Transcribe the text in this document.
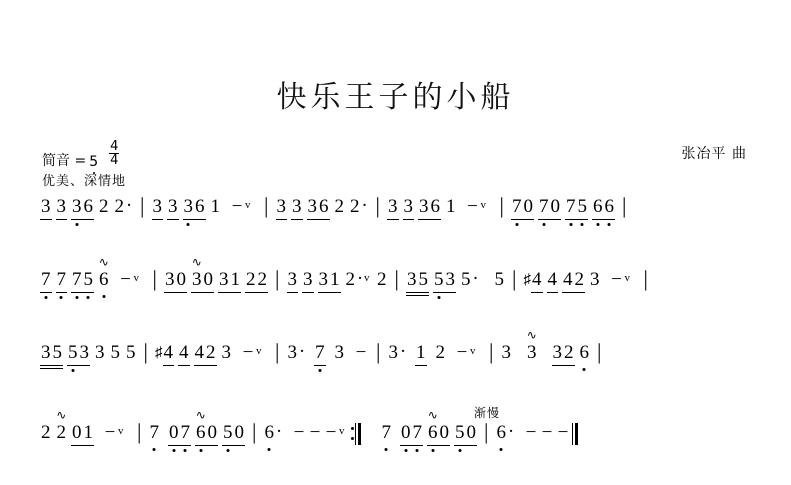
快乐王子的小船
简音 = $5 \frac{4}{4}$	张冶平 曲
优美、深情地
渐慢
3 3 3 6 2 2· | 3 3 3 6 1 − v | 3 3 3 6 2 2· | 3 3 3 6 1 − v | 7 0 7 0 7 5 6 6 |
7 7 7 5
∿
6 − v | 3 0
∿
3 0 3 1 2 2 | 3 3 3 1 2· v 2 | 3 5 5 3 5· 5 | ♯4 4 4 2 3 − v |
3 5 5 3 3 5 5 | ♯4 4 4 2 3 − v | 3· 7 3 − | 3· 1 2 − v | 3
∿
3 3 2 6 |
2
∿
2 0 1 − v | 7 0 7
∿
6 0 5 0 | 6· − − − v 7 0 7
∿
6 0 5 0 | 6· − − −
